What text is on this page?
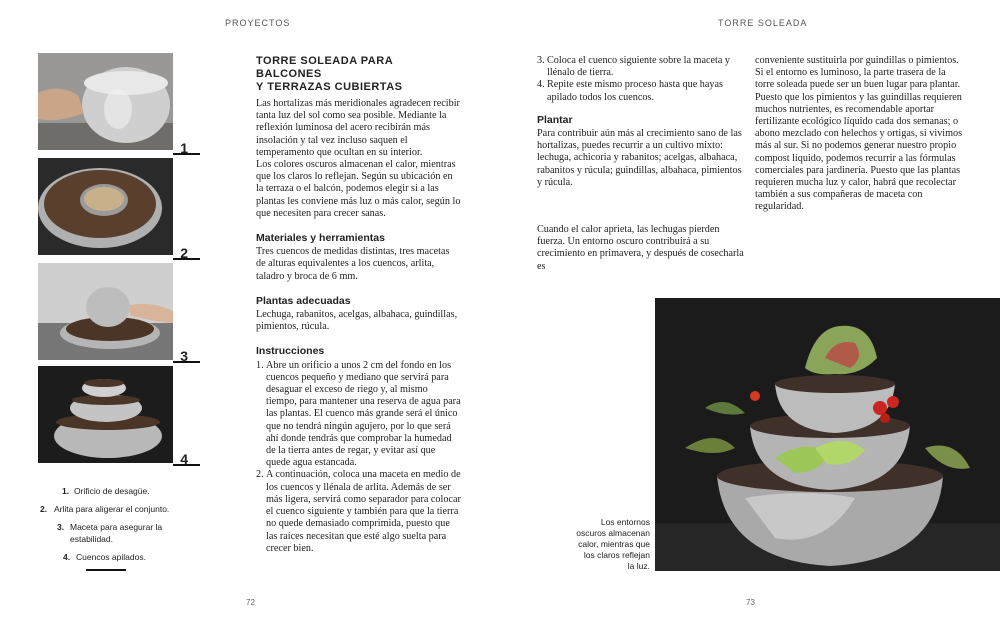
PROYECTOS	TORRE SOLEADA
1
2
3
4
1. Orificio de desagüe.
2. Arlita para aligerar el conjunto.
3. Maceta para asegurar la estabilidad.
4. Cuencos apilados.
TORRE SOLEADA PARA BALCONES
Y TERRAZAS CUBIERTAS

Las hortalizas más meridionales agradecen recibir tanta luz del sol como sea posible. Mediante la reflexión luminosa del acero recibirán más insolación y tal vez incluso saquen el temperamento que ocultan en su interior.

Los colores oscuros almacenan el calor, mientras que los claros lo reflejan. Según su ubicación en la terraza o el balcón, podemos elegir si a las plantas les conviene más luz o más calor, según lo que necesiten para crecer sanas.

Materiales y herramientas

Tres cuencos de medidas distintas, tres macetas de alturas equivalentes a los cuencos, arlita, taladro y broca de 6 mm.

Plantas adecuadas

Lechuga, rabanitos, acelgas, albahaca, guindillas, pimientos, rúcula.

Instrucciones
1. Abre un orificio a unos 2 cm del fondo en los cuencos pequeño y mediano que servirá para desaguar el exceso de riego y, al mismo tiempo, para mantener una reserva de agua para las plantas. El cuenco más grande será el único que no tendrá ningún agujero, por lo que será ahí donde tendrás que comprobar la humedad de la tierra antes de regar, y evitar así que quede agua estancada.
2. A continuación, coloca una maceta en medio de los cuencos y llénala de arlita. Además de ser más ligera, servirá como separador para colocar el cuenco siguiente y también para que la tierra no quede demasiado comprimida, puesto que las raíces necesitan que esté algo suelta para crecer bien.
3. Coloca el cuenco siguiente sobre la maceta y llénalo de tierra.
4. Repite este mismo proceso hasta que hayas apilado todos los cuencos.
Plantar

Para contribuir aún más al crecimiento sano de las hortalizas, puedes recurrir a un cultivo mixto: lechuga, achicoria y rabanitos; acelgas, albahaca, rabanitos y rúcula; guindillas, albahaca, pimientos y rúcula.

Cuando el calor aprieta, las lechugas pierden fuerza. Un entorno oscuro contribuirá a su crecimiento en primavera, y después de cosecharla es

conveniente sustituirla por guindillas o pimientos. Si el entorno es luminoso, la parte trasera de la torre soleada puede ser un buen lugar para plantar. Puesto que los pimientos y las guindillas requieren muchos nutrientes, es recomendable aportar fertilizante ecológico líquido cada dos semanas; o abono mezclado con helechos y ortigas, si vivimos más al sur. Si no podemos generar nuestro propio compost líquido, podemos recurrir a las fórmulas comerciales para jardinería. Puesto que las plantas requieren mucha luz y calor, habrá que recolectar también a sus compañeras de maceta con regularidad.

Los entornos oscuros almacenan calor, mientras que los claros reflejan la luz.
72	73
